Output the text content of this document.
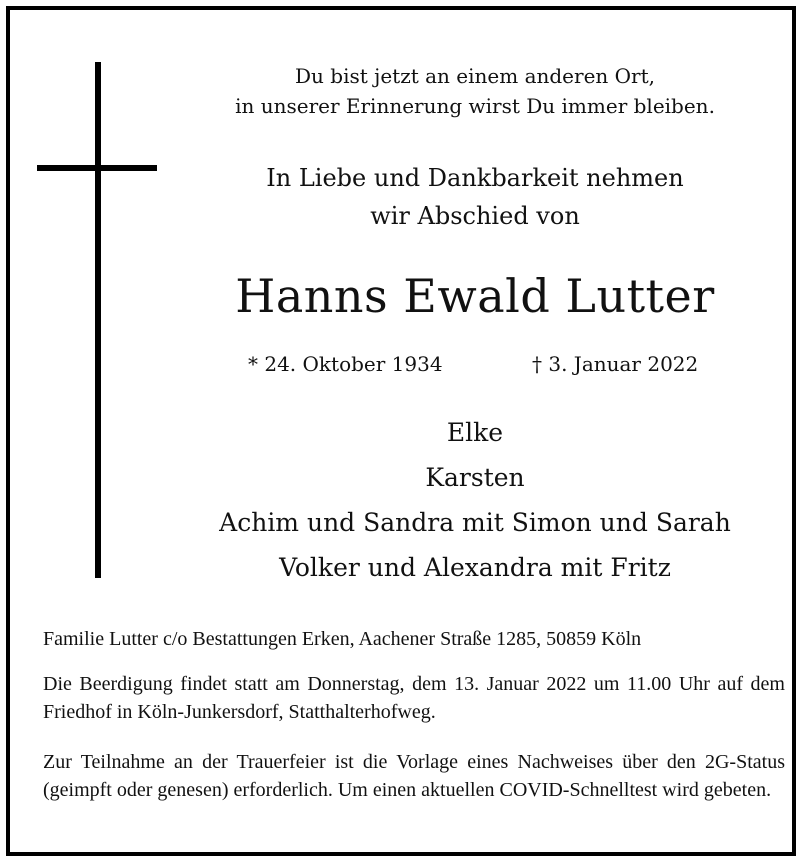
Du bist jetzt an einem anderen Ort,
in unserer Erinnerung wirst Du immer bleiben.
In Liebe und Dankbarkeit nehmen
wir Abschied von
Hanns Ewald Lutter
* 24. Oktober 1934	† 3. Januar 2022
Elke
Karsten
Achim und Sandra mit Simon und Sarah
Volker und Alexandra mit Fritz
Familie Lutter c/o Bestattungen Erken, Aachener Straße 1285, 50859 Köln
Die Beerdigung findet statt am Donnerstag, dem 13. Januar 2022 um 11.00 Uhr auf dem Friedhof in Köln-Junkersdorf, Statthalterhofweg.
Zur Teilnahme an der Trauerfeier ist die Vorlage eines Nachweises über den 2G-Status (geimpft oder genesen) erforderlich. Um einen aktuellen COVID-Schnelltest wird gebeten.
